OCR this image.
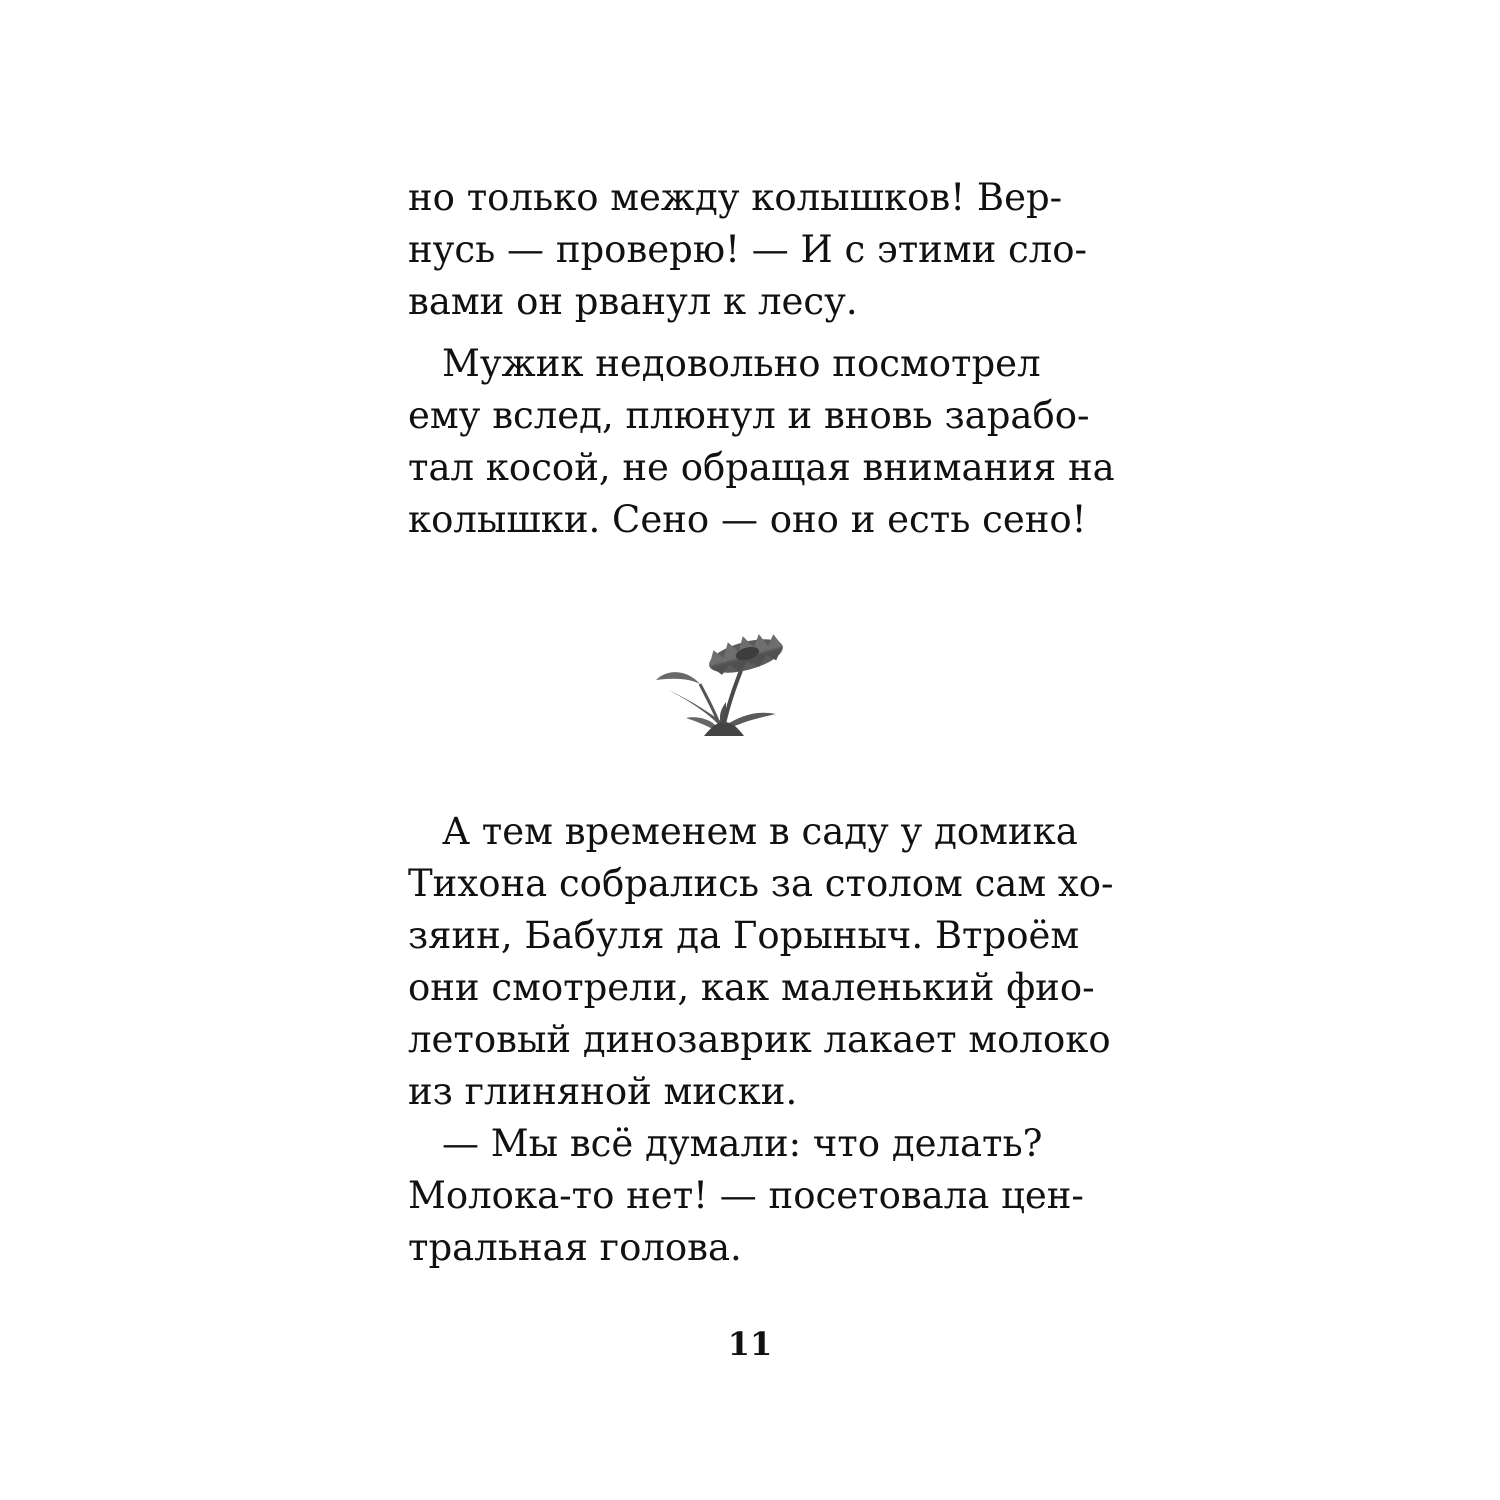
но только между колышков! Вер-
нусь — проверю! — И с этими сло-
вами он рванул к лесу.
Мужик недовольно посмотрел
ему вслед, плюнул и вновь зарабо-
тал косой, не обращая внимания на
колышки. Сено — оно и есть сено!
А тем временем в саду у домика
Тихона собрались за столом сам хо-
зяин, Бабуля да Горыныч. Втроём
они смотрели, как маленький фио-
летовый динозаврик лакает молоко
из глиняной миски.
— Мы всё думали: что делать?
Молока-то нет! — посетовала цен-
тральная голова.
11
